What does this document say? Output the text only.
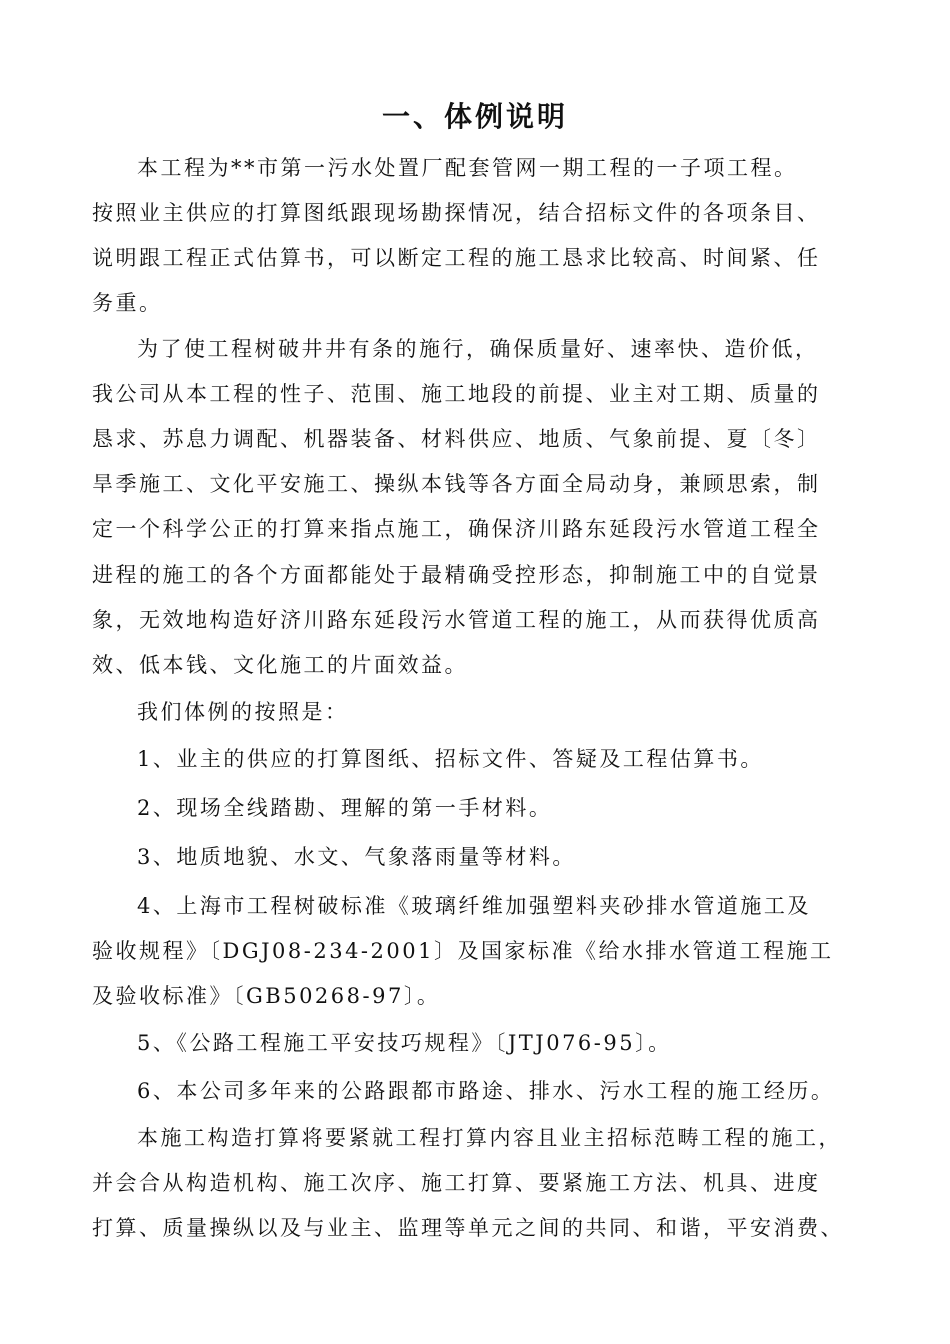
一、体例说明

本工程为**市第一污水处置厂配套管网一期工程的一子项工程。

按照业主供应的打算图纸跟现场勘探情况，结合招标文件的各项条目、

说明跟工程正式估算书，可以断定工程的施工恳求比较高、时间紧、任

务重。

为了使工程树破井井有条的施行，确保质量好、速率快、造价低，

我公司从本工程的性子、范围、施工地段的前提、业主对工期、质量的

恳求、苏息力调配、机器装备、材料供应、地质、气象前提、夏〔冬〕

旱季施工、文化平安施工、操纵本钱等各方面全局动身，兼顾思索，制

定一个科学公正的打算来指点施工，确保济川路东延段污水管道工程全

进程的施工的各个方面都能处于最精确受控形态，抑制施工中的自觉景

象，无效地构造好济川路东延段污水管道工程的施工，从而获得优质高

效、低本钱、文化施工的片面效益。

我们体例的按照是：

1、业主的供应的打算图纸、招标文件、答疑及工程估算书。

2、现场全线踏勘、理解的第一手材料。

3、地质地貌、水文、气象落雨量等材料。

4、上海市工程树破标准《玻璃纤维加强塑料夹砂排水管道施工及

验收规程》〔DGJ08-234-2001〕及国家标准《给水排水管道工程施工

及验收标准》〔GB50268-97〕。

5、《公路工程施工平安技巧规程》〔JTJ076-95〕。

6、本公司多年来的公路跟都市路途、排水、污水工程的施工经历。

本施工构造打算将要紧就工程打算内容且业主招标范畴工程的施工，

并会合从构造机构、施工次序、施工打算、要紧施工方法、机具、进度

打算、质量操纵以及与业主、监理等单元之间的共同、和谐，平安消费、
